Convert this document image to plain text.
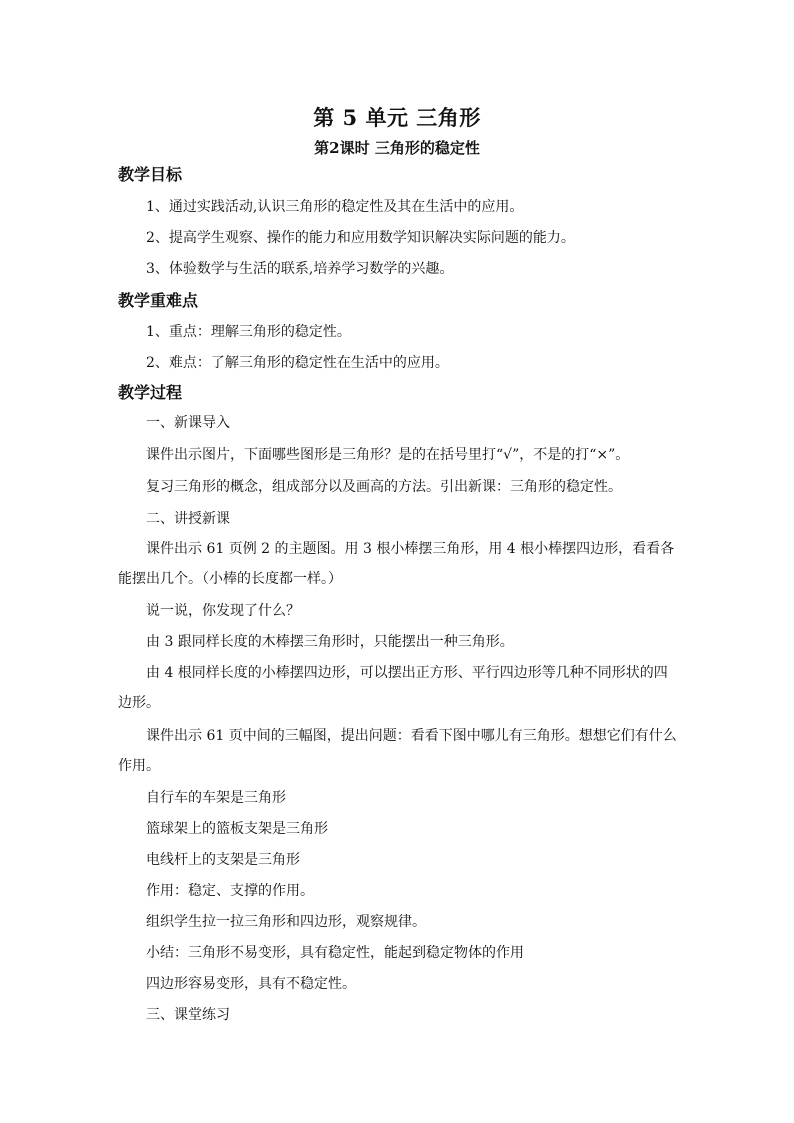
第 5 单元 三角形
第2课时 三角形的稳定性
教学目标
1、通过实践活动,认识三角形的稳定性及其在生活中的应用。
2、提高学生观察、操作的能力和应用数学知识解决实际问题的能力。
3、体验数学与生活的联系,培养学习数学的兴趣。
教学重难点
1、重点：理解三角形的稳定性。
2、难点：了解三角形的稳定性在生活中的应用。
教学过程
一、新课导入
课件出示图片，下面哪些图形是三角形？是的在括号里打“√”，不是的打“×”。
复习三角形的概念，组成部分以及画高的方法。引出新课：三角形的稳定性。
二、讲授新课
课件出示 61 页例 2 的主题图。用 3 根小棒摆三角形，用 4 根小棒摆四边形，看看各能摆出几个。（小棒的长度都一样。）
说一说，你发现了什么？
由 3 跟同样长度的木棒摆三角形时，只能摆出一种三角形。
由 4 根同样长度的小棒摆四边形，可以摆出正方形、平行四边形等几种不同形状的四边形。
课件出示 61 页中间的三幅图，提出问题：看看下图中哪儿有三角形。想想它们有什么作用。
自行车的车架是三角形
篮球架上的篮板支架是三角形
电线杆上的支架是三角形
作用：稳定、支撑的作用。
组织学生拉一拉三角形和四边形，观察规律。
小结：三角形不易变形，具有稳定性，能起到稳定物体的作用
四边形容易变形，具有不稳定性。
三、课堂练习
